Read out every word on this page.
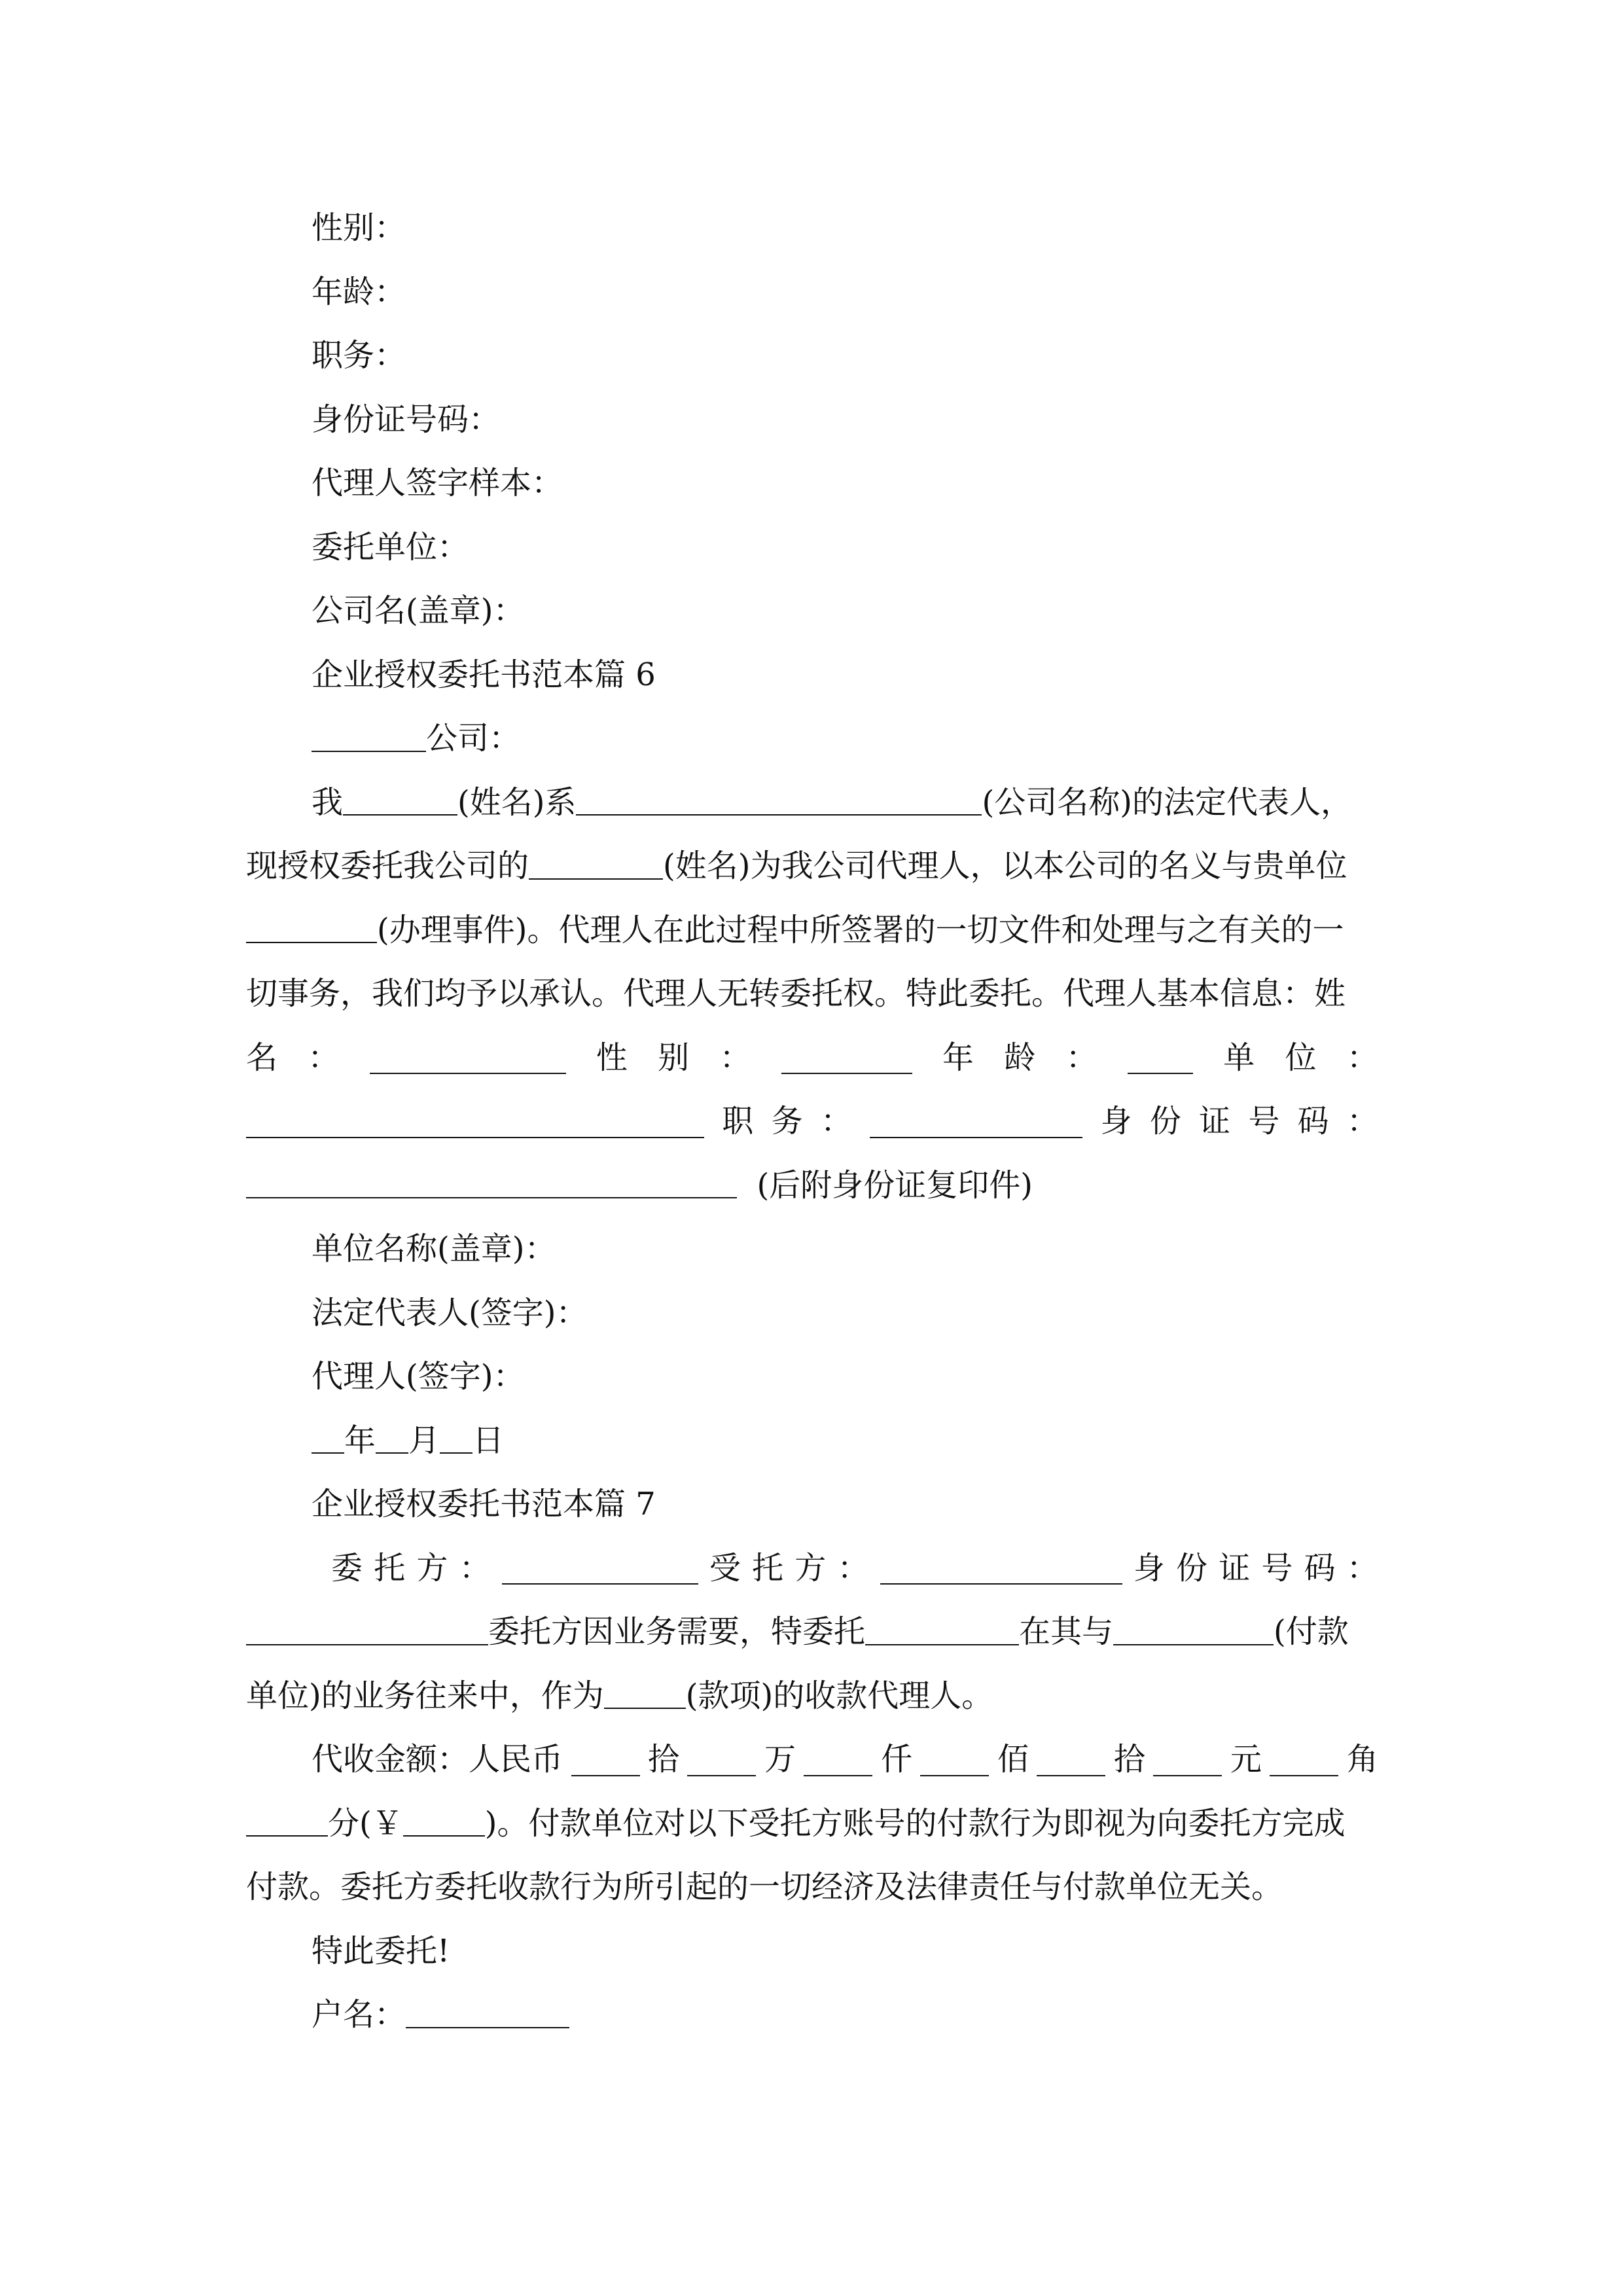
性别：
年龄：
职务：
身份证号码：
代理人签字样本：
委托单位：
公司名(盖章)：
企业授权委托书范本篇 6
公司：
我	(姓名)系	(公司名称)的法定代表人，
现授权委托我公司的	(姓名)为我公司代理人，以本公司的名义与贵单位
(办理事件)。代理人在此过程中所签署的一切文件和处理与之有关的一
切事务，我们均予以承认。代理人无转委托权。特此委托。代理人基本信息：姓
名 ：	性 别 ：	年 龄 ：	单 位 ：
职 务 ：	身 份 证 号 码 ：
(后附身份证复印件)
单位名称(盖章)：
法定代表人(签字)：
代理人(签字)：
年 月 日
企业授权委托书范本篇 7
委 托 方 ：	受 托 方 ：	身 份 证 号 码 ：
委托方因业务需要，特委托	在其与	(付款
单位)的业务往来中，作为	(款项)的收款代理人。
代收金额：人民币	拾	万	仟	佰	拾	元	角
分(￥	)。付款单位对以下受托方账号的付款行为即视为向委托方完成
付款。委托方委托收款行为所引起的一切经济及法律责任与付款单位无关。
特此委托!
户名：
